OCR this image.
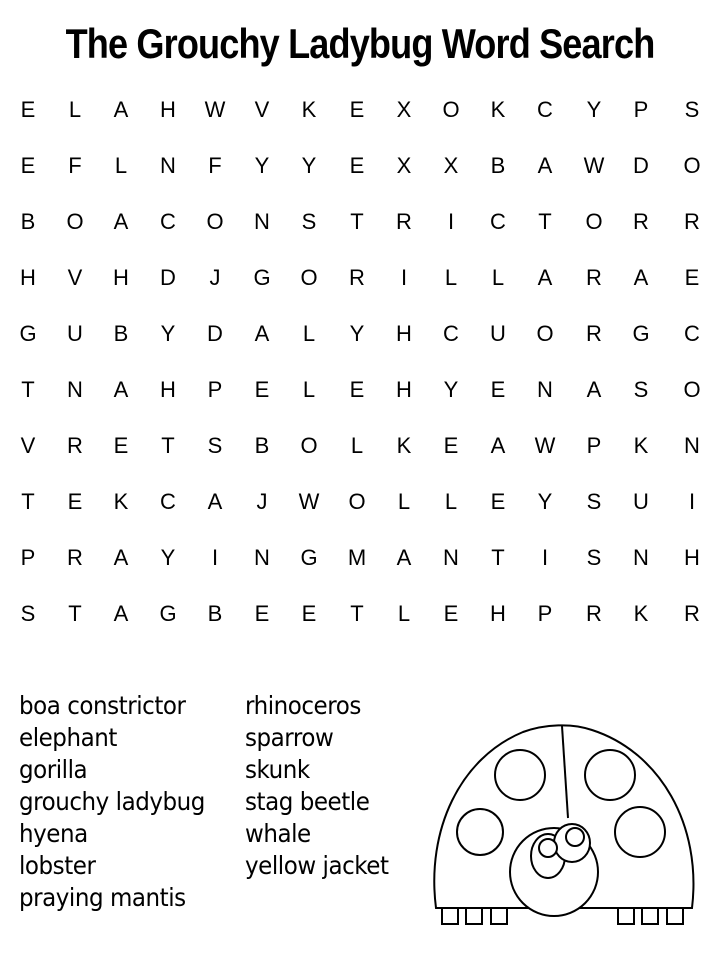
The Grouchy Ladybug Word Search
E	L	A	H	W	V	K	E	X	O	K	C	Y	P	S
E	F	L	N	F	Y	Y	E	X	X	B	A	W	D	O
B	O	A	C	O	N	S	T	R	I	C	T	O	R	R
H	V	H	D	J	G	O	R	I	L	L	A	R	A	E
G	U	B	Y	D	A	L	Y	H	C	U	O	R	G	C
T	N	A	H	P	E	L	E	H	Y	E	N	A	S	O
V	R	E	T	S	B	O	L	K	E	A	W	P	K	N
T	E	K	C	A	J	W	O	L	L	E	Y	S	U	I
P	R	A	Y	I	N	G	M	A	N	T	I	S	N	H
S	T	A	G	B	E	E	T	L	E	H	P	R	K	R
boa constrictor
elephant
gorilla
grouchy ladybug
hyena
lobster
praying mantis
rhinoceros
sparrow
skunk
stag beetle
whale
yellow jacket
